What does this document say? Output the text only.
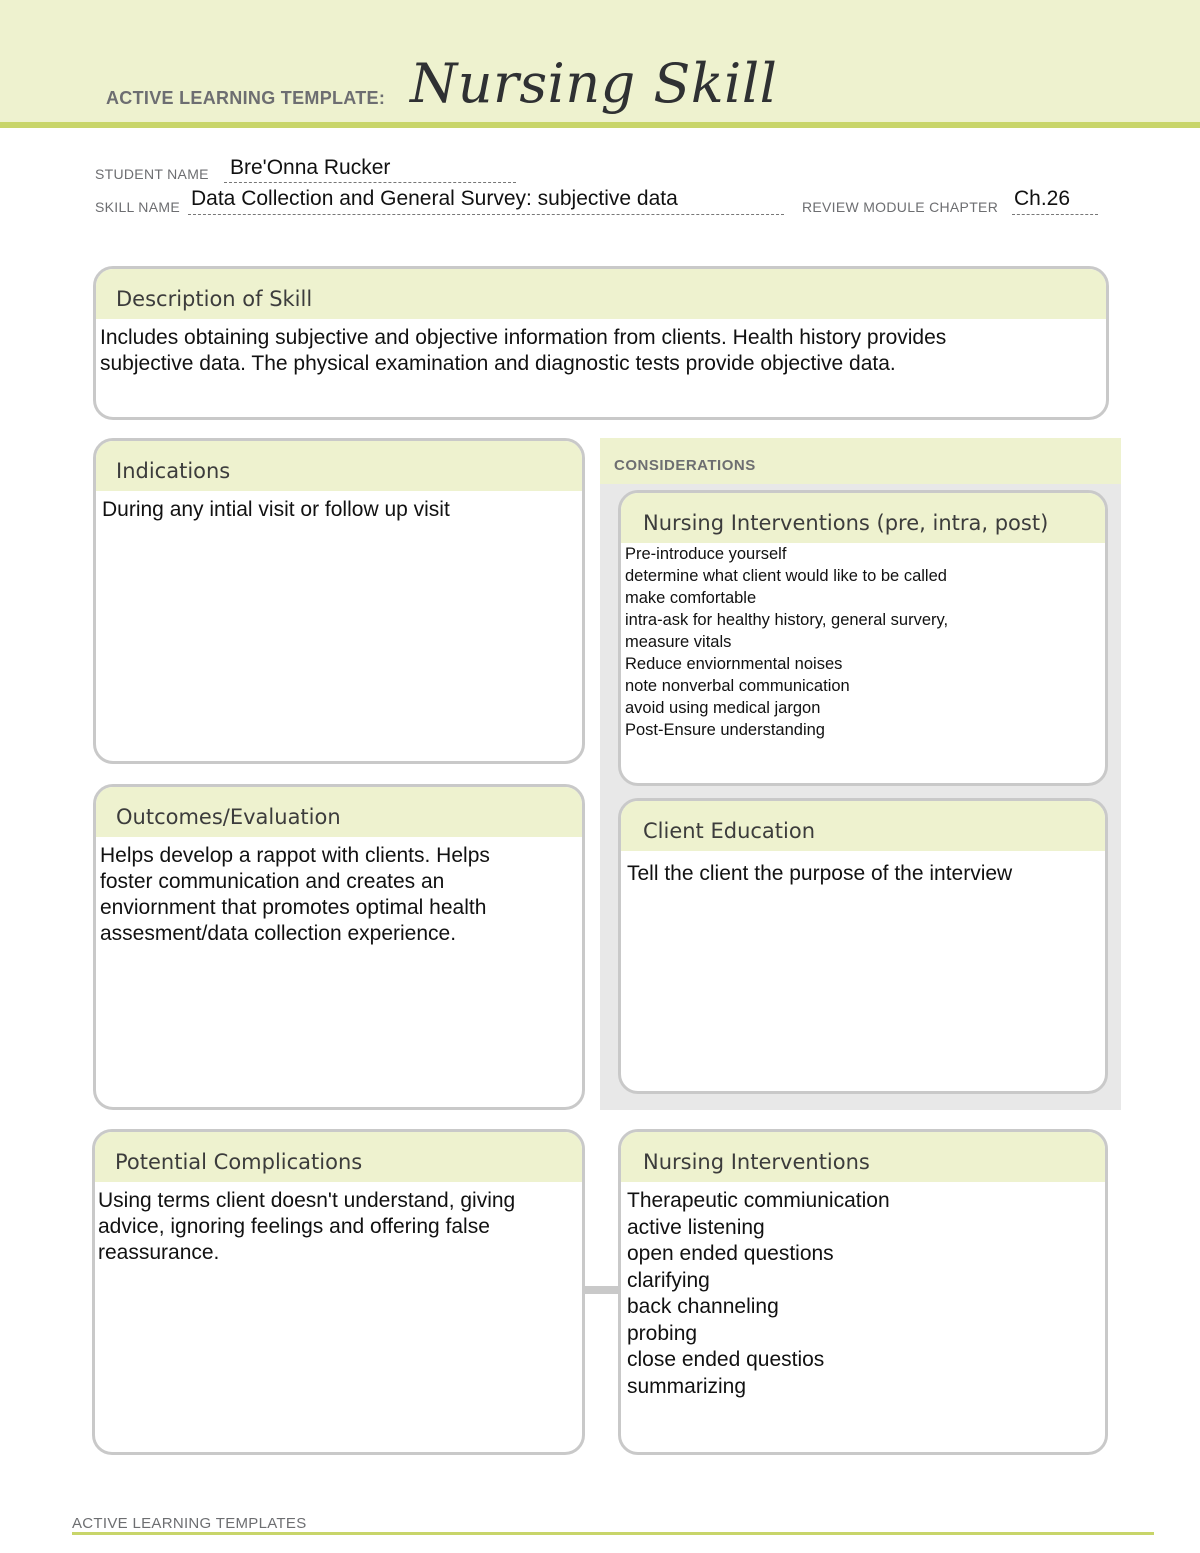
ACTIVE LEARNING TEMPLATE: Nursing Skill
STUDENT NAME Bre'Onna Rucker
SKILL NAME Data Collection and General Survey: subjective data	REVIEW MODULE CHAPTER Ch.26
Description of Skill
Includes obtaining subjective and objective information from clients. Health history provides
subjective data. The physical examination and diagnostic tests provide objective data.
CONSIDERATIONS
Indications
During any intial visit or follow up visit
Nursing Interventions (pre, intra, post)
Pre-introduce yourself
determine what client would like to be called
make comfortable
intra-ask for healthy history, general survery,
measure vitals
Reduce enviornmental noises
note nonverbal communication
avoid using medical jargon
Post-Ensure understanding
Outcomes/Evaluation
Helps develop a rappot with clients. Helps
foster communication and creates an
enviornment that promotes optimal health
assesment/data collection experience.
Client Education
Tell the client the purpose of the interview
Potential Complications
Using terms client doesn't understand, giving
advice, ignoring feelings and offering false
reassurance.
Nursing Interventions
Therapeutic commiunication
active listening
open ended questions
clarifying
back channeling
probing
close ended questios
summarizing
ACTIVE LEARNING TEMPLATES
